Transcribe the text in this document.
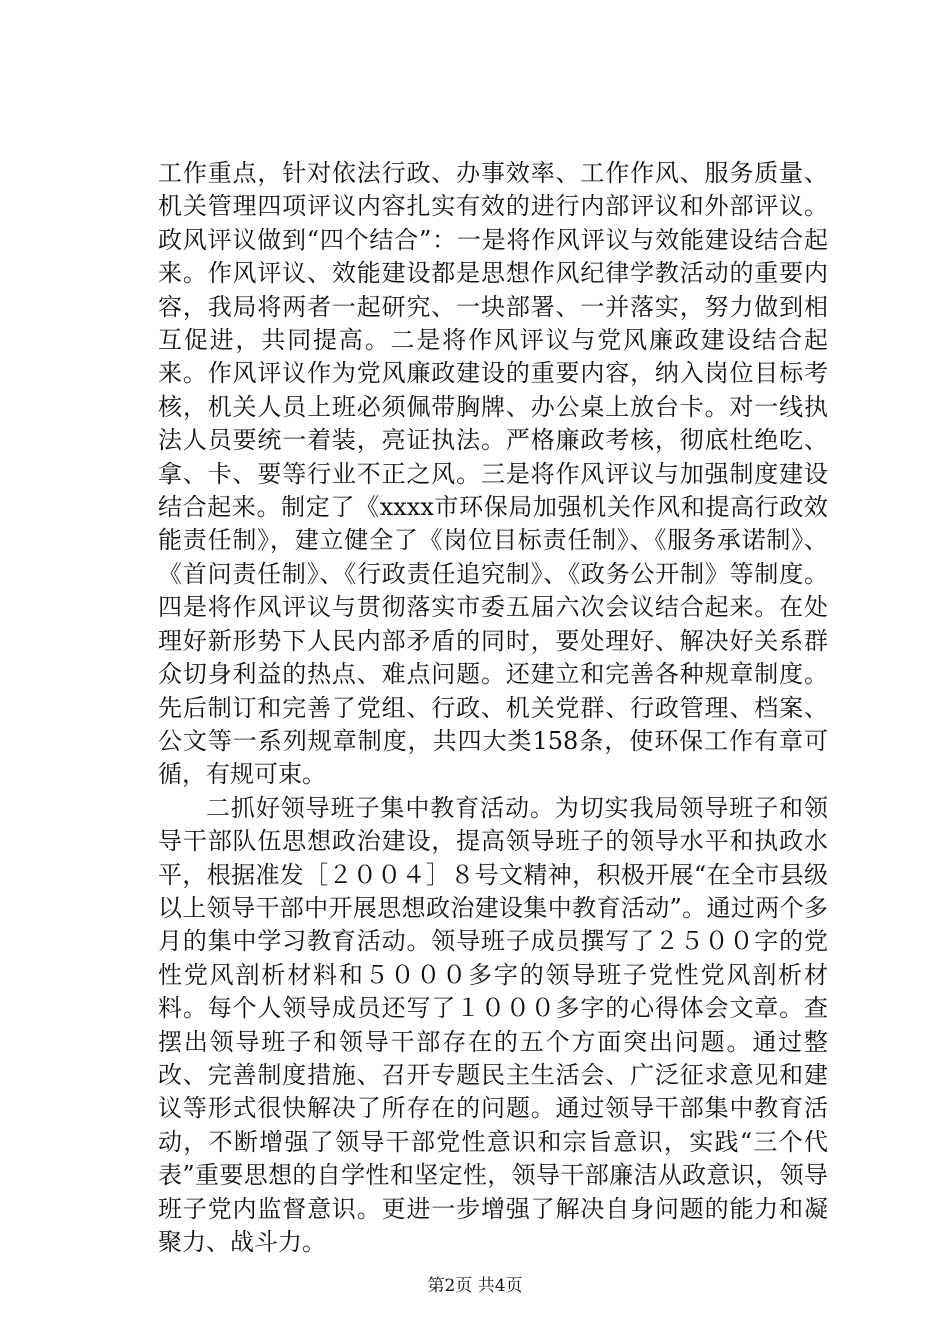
工作重点，针对依法行政、办事效率、工作作风、服务质量、机关管理四项评议内容扎实有效的进行内部评议和外部评议。政风评议做到“四个结合”：一是将作风评议与效能建设结合起来。作风评议、效能建设都是思想作风纪律学教活动的重要内容，我局将两者一起研究、一块部署、一并落实，努力做到相互促进，共同提高。二是将作风评议与党风廉政建设结合起来。作风评议作为党风廉政建设的重要内容，纳入岗位目标考核，机关人员上班必须佩带胸牌、办公桌上放台卡。对一线执法人员要统一着装，亮证执法。严格廉政考核，彻底杜绝吃、拿、卡、要等行业不正之风。三是将作风评议与加强制度建设结合起来。制定了《xxxx市环保局加强机关作风和提高行政效能责任制》，建立健全了《岗位目标责任制》、《服务承诺制》、《首问责任制》、《行政责任追究制》、《政务公开制》等制度。四是将作风评议与贯彻落实市委五届六次会议结合起来。在处理好新形势下人民内部矛盾的同时，要处理好、解决好关系群众切身利益的热点、难点问题。还建立和完善各种规章制度。先后制订和完善了党组、行政、机关党群、行政管理、档案、公文等一系列规章制度，共四大类158条，使环保工作有章可循，有规可束。

二抓好领导班子集中教育活动。为切实我局领导班子和领导干部队伍思想政治建设，提高领导班子的领导水平和执政水平，根据准发［２００４］８号文精神，积极开展“在全市县级以上领导干部中开展思想政治建设集中教育活动”。通过两个多月的集中学习教育活动。领导班子成员撰写了２５００字的党性党风剖析材料和５０００多字的领导班子党性党风剖析材料。每个人领导成员还写了１０００多字的心得体会文章。查摆出领导班子和领导干部存在的五个方面突出问题。通过整改、完善制度措施、召开专题民主生活会、广泛征求意见和建议等形式很快解决了所存在的问题。通过领导干部集中教育活动，不断增强了领导干部党性意识和宗旨意识，实践“三个代表”重要思想的自学性和坚定性，领导干部廉洁从政意识，领导班子党内监督意识。更进一步增强了解决自身问题的能力和凝聚力、战斗力。

第2页 共4页
